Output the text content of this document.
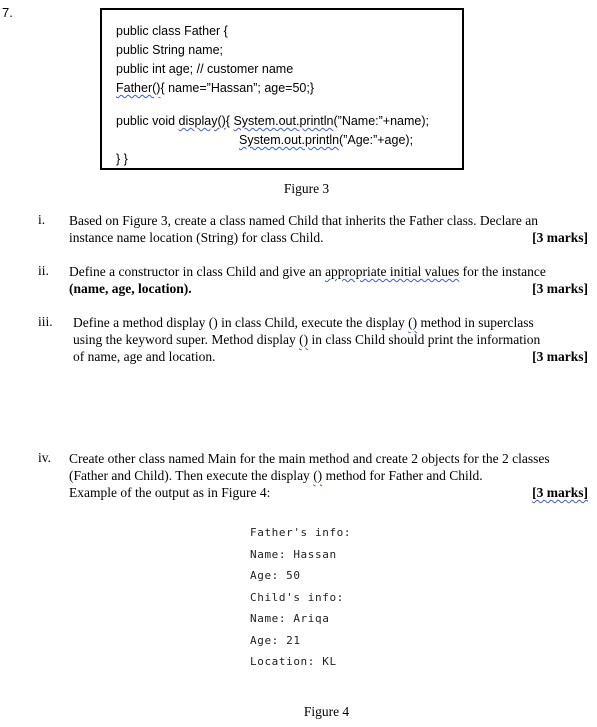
7.
public class Father {
public String name;
public int age; // customer name
Father(){ name=”Hassan”; age=50;}
public void display(){ System.out.println(”Name:”+name);
System.out.println(”Age:”+age);
} }
Figure 3
i. Based on Figure 3, create a class named Child that inherits the Father class. Declare an

instance name location (String) for class Child.	[3 marks]

ii. Define a constructor in class Child and give an appropriate initial values for the instance

(name, age, location).	[3 marks]

iii. Define a method display () in class Child, execute the display () method in superclass

using the keyword super. Method display () in class Child should print the information

of name, age and location.	[3 marks]

iv. Create other class named Main for the main method and create 2 objects for the 2 classes

(Father and Child). Then execute the display () method for Father and Child.

Example of the output as in Figure 4:	[3 marks]

Father's info:
Name: Hassan
Age: 50
Child's info:
Name: Ariqa
Age: 21
Location: KL
Figure 4
